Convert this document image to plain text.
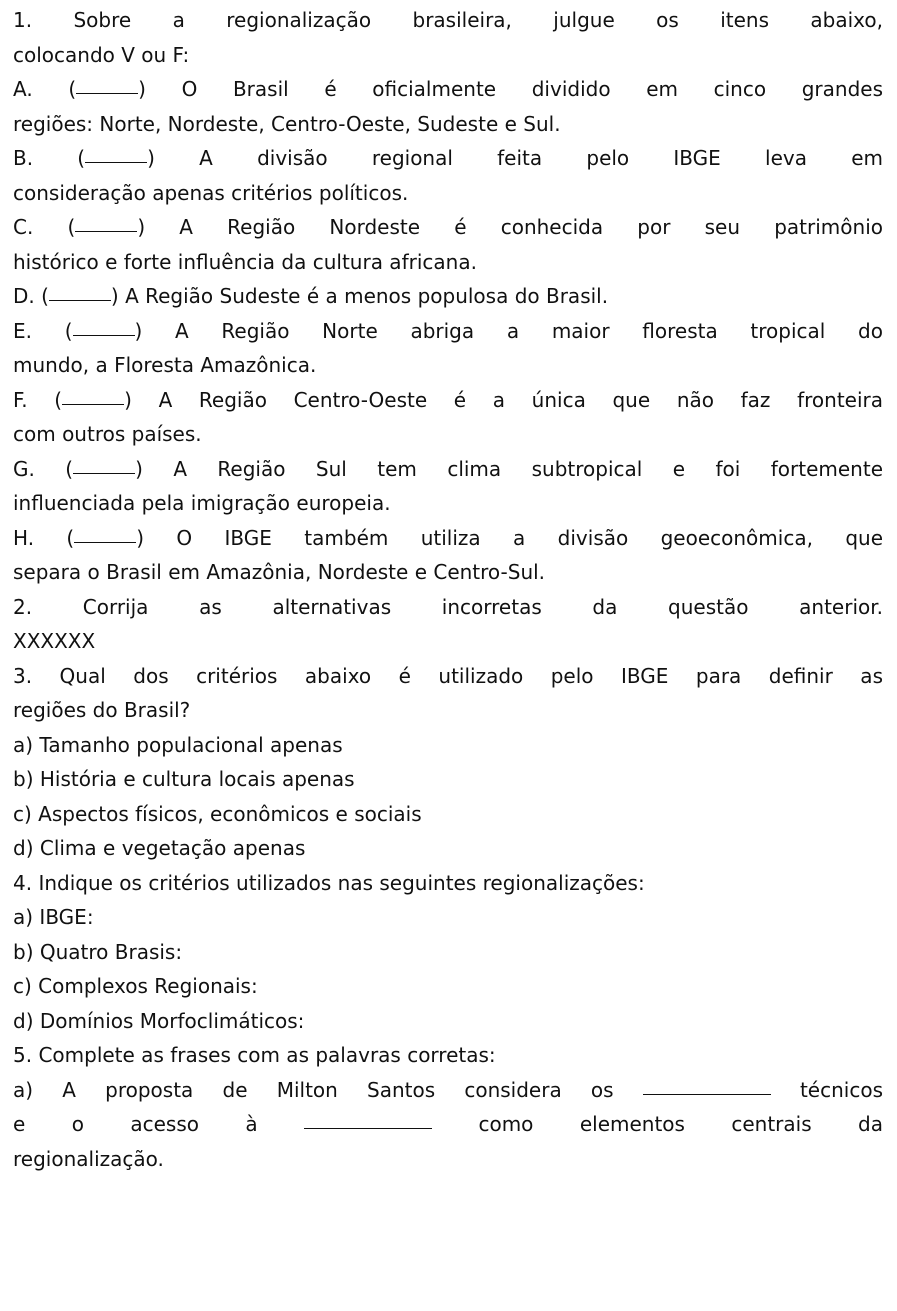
1. Sobre a regionalização brasileira, julgue os itens abaixo,
colocando V ou F:
A. (	) O Brasil é oficialmente dividido em cinco grandes
regiões: Norte, Nordeste, Centro-Oeste, Sudeste e Sul.
B. (	) A divisão regional feita pelo IBGE leva em
consideração apenas critérios políticos.
C. (	) A Região Nordeste é conhecida por seu patrimônio
histórico e forte influência da cultura africana.
D. (	) A Região Sudeste é a menos populosa do Brasil.
E. (	) A Região Norte abriga a maior floresta tropical do
mundo, a Floresta Amazônica.
F. (	) A Região Centro-Oeste é a única que não faz fronteira
com outros países.
G. (	) A Região Sul tem clima subtropical e foi fortemente
influenciada pela imigração europeia.
H. (	) O IBGE também utiliza a divisão geoeconômica, que
separa o Brasil em Amazônia, Nordeste e Centro-Sul.
2. Corrija as alternativas incorretas da questão anterior.
XXXXXX
3. Qual dos critérios abaixo é utilizado pelo IBGE para definir as
regiões do Brasil?
a) Tamanho populacional apenas
b) História e cultura locais apenas
c) Aspectos físicos, econômicos e sociais
d) Clima e vegetação apenas
4. Indique os critérios utilizados nas seguintes regionalizações:
a) IBGE:
b) Quatro Brasis:
c) Complexos Regionais:
d) Domínios Morfoclimáticos:
5. Complete as frases com as palavras corretas:
a) A proposta de Milton Santos considera os	técnicos
e o acesso à	como elementos centrais da
regionalização.
